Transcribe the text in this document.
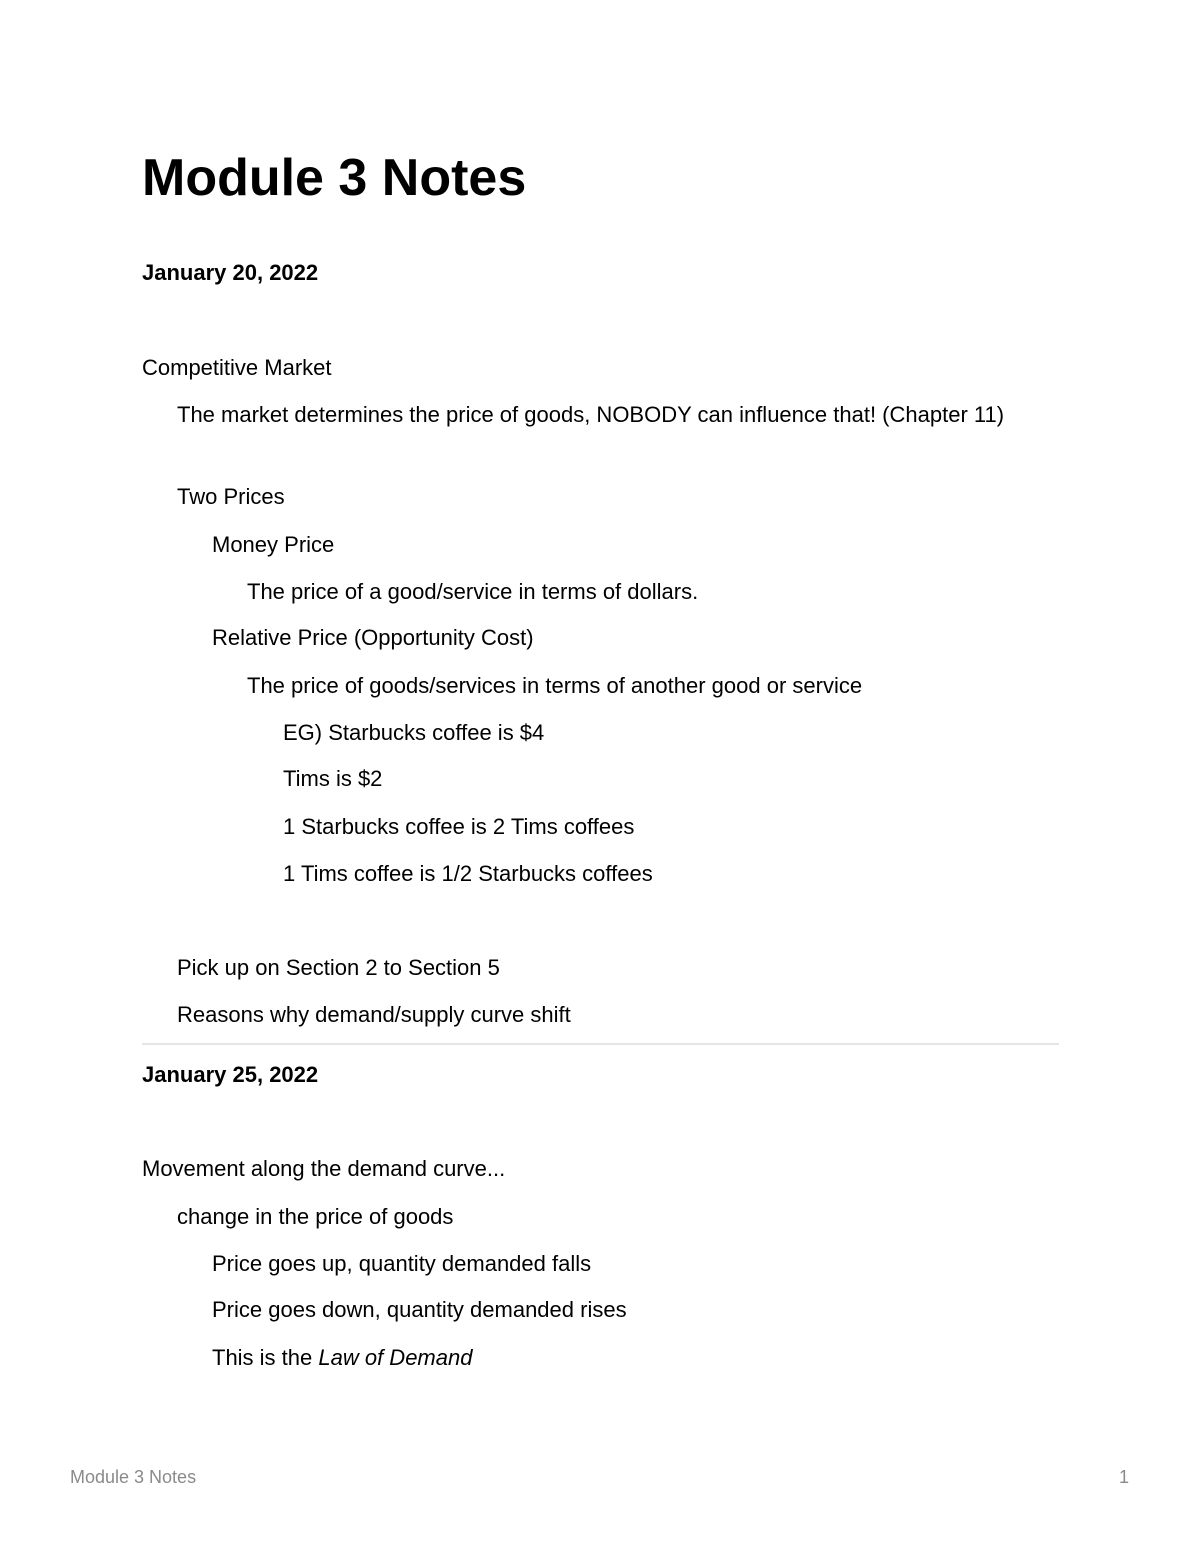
Module 3 Notes
January 20, 2022
Competitive Market
The market determines the price of goods, NOBODY can influence that! (Chapter 11)
Two Prices
Money Price
The price of a good/service in terms of dollars.
Relative Price (Opportunity Cost)
The price of goods/services in terms of another good or service
EG) Starbucks coffee is $4
Tims is $2
1 Starbucks coffee is 2 Tims coffees
1 Tims coffee is 1/2 Starbucks coffees
Pick up on Section 2 to Section 5
Reasons why demand/supply curve shift
January 25, 2022
Movement along the demand curve...
change in the price of goods
Price goes up, quantity demanded falls
Price goes down, quantity demanded rises
This is the Law of Demand
Module 3 Notes	1
